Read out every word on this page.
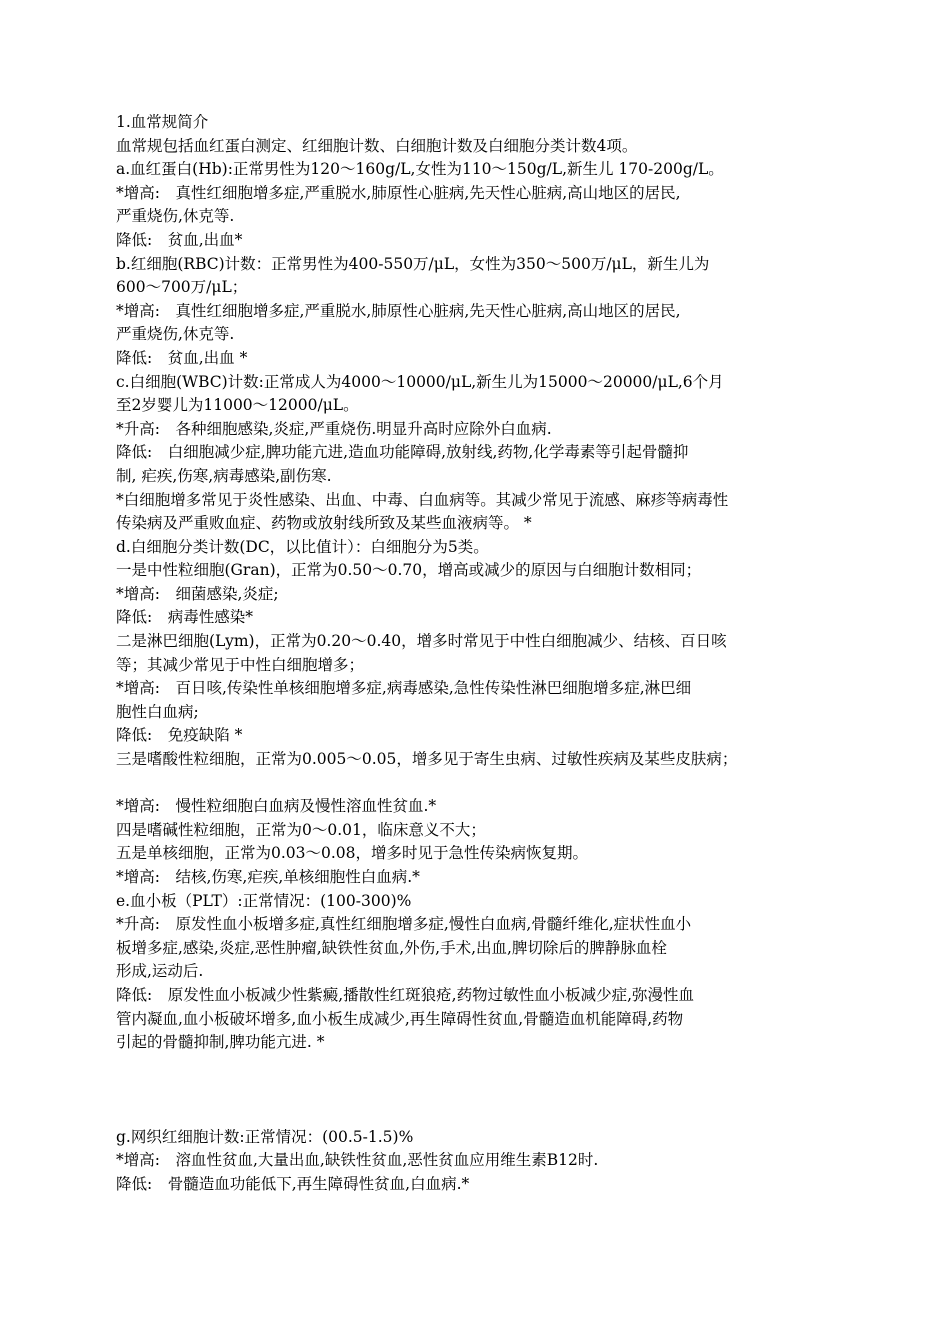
1.血常规简介
血常规包括血红蛋白测定、红细胞计数、白细胞计数及白细胞分类计数4项。
a.血红蛋白(Hb):正常男性为120～160g/L,女性为110～150g/L,新生儿 170-200g/L。
*增高:　真性红细胞增多症,严重脱水,肺原性心脏病,先天性心脏病,高山地区的居民,
严重烧伤,休克等.
降低:　贫血,出血*
b.红细胞(RBC)计数：正常男性为400-550万/μL，女性为350～500万/μL，新生儿为
600～700万/μL；
*增高:　真性红细胞增多症,严重脱水,肺原性心脏病,先天性心脏病,高山地区的居民,
严重烧伤,休克等.
降低:　贫血,出血 *
c.白细胞(WBC)计数:正常成人为4000～10000/μL,新生儿为15000～20000/μL,6个月
至2岁婴儿为11000～12000/μL。
*升高:　各种细胞感染,炎症,严重烧伤.明显升高时应除外白血病.
降低:　白细胞减少症,脾功能亢进,造血功能障碍,放射线,药物,化学毒素等引起骨髓抑
制, 疟疾,伤寒,病毒感染,副伤寒.
*白细胞增多常见于炎性感染、出血、中毒、白血病等。其减少常见于流感、麻疹等病毒性
传染病及严重败血症、药物或放射线所致及某些血液病等。 *
d.白细胞分类计数(DC，以比值计）：白细胞分为5类。
一是中性粒细胞(Gran)，正常为0.50～0.70，增高或减少的原因与白细胞计数相同；
*增高:　细菌感染,炎症;
降低:　病毒性感染*
二是淋巴细胞(Lym)，正常为0.20～0.40，增多时常见于中性白细胞减少、结核、百日咳
等；其减少常见于中性白细胞增多；
*增高:　百日咳,传染性单核细胞增多症,病毒感染,急性传染性淋巴细胞增多症,淋巴细
胞性白血病;
降低:　免疫缺陷 *
三是嗜酸性粒细胞，正常为0.005～0.05，增多见于寄生虫病、过敏性疾病及某些皮肤病；
*增高:　慢性粒细胞白血病及慢性溶血性贫血.*
四是嗜碱性粒细胞，正常为0～0.01，临床意义不大；
五是单核细胞，正常为0.03～0.08，增多时见于急性传染病恢复期。
*增高:　结核,伤寒,疟疾,单核细胞性白血病.*
e.血小板（PLT）:正常情况：(100-300)%
*升高:　原发性血小板增多症,真性红细胞增多症,慢性白血病,骨髓纤维化,症状性血小
板增多症,感染,炎症,恶性肿瘤,缺铁性贫血,外伤,手术,出血,脾切除后的脾静脉血栓
形成,运动后.
降低:　原发性血小板减少性紫癜,播散性红斑狼疮,药物过敏性血小板减少症,弥漫性血
管内凝血,血小板破坏增多,血小板生成减少,再生障碍性贫血,骨髓造血机能障碍,药物
引起的骨髓抑制,脾功能亢进. *
g.网织红细胞计数:正常情况：(00.5-1.5)%
*增高:　溶血性贫血,大量出血,缺铁性贫血,恶性贫血应用维生素B12时.
降低:　骨髓造血功能低下,再生障碍性贫血,白血病.*
